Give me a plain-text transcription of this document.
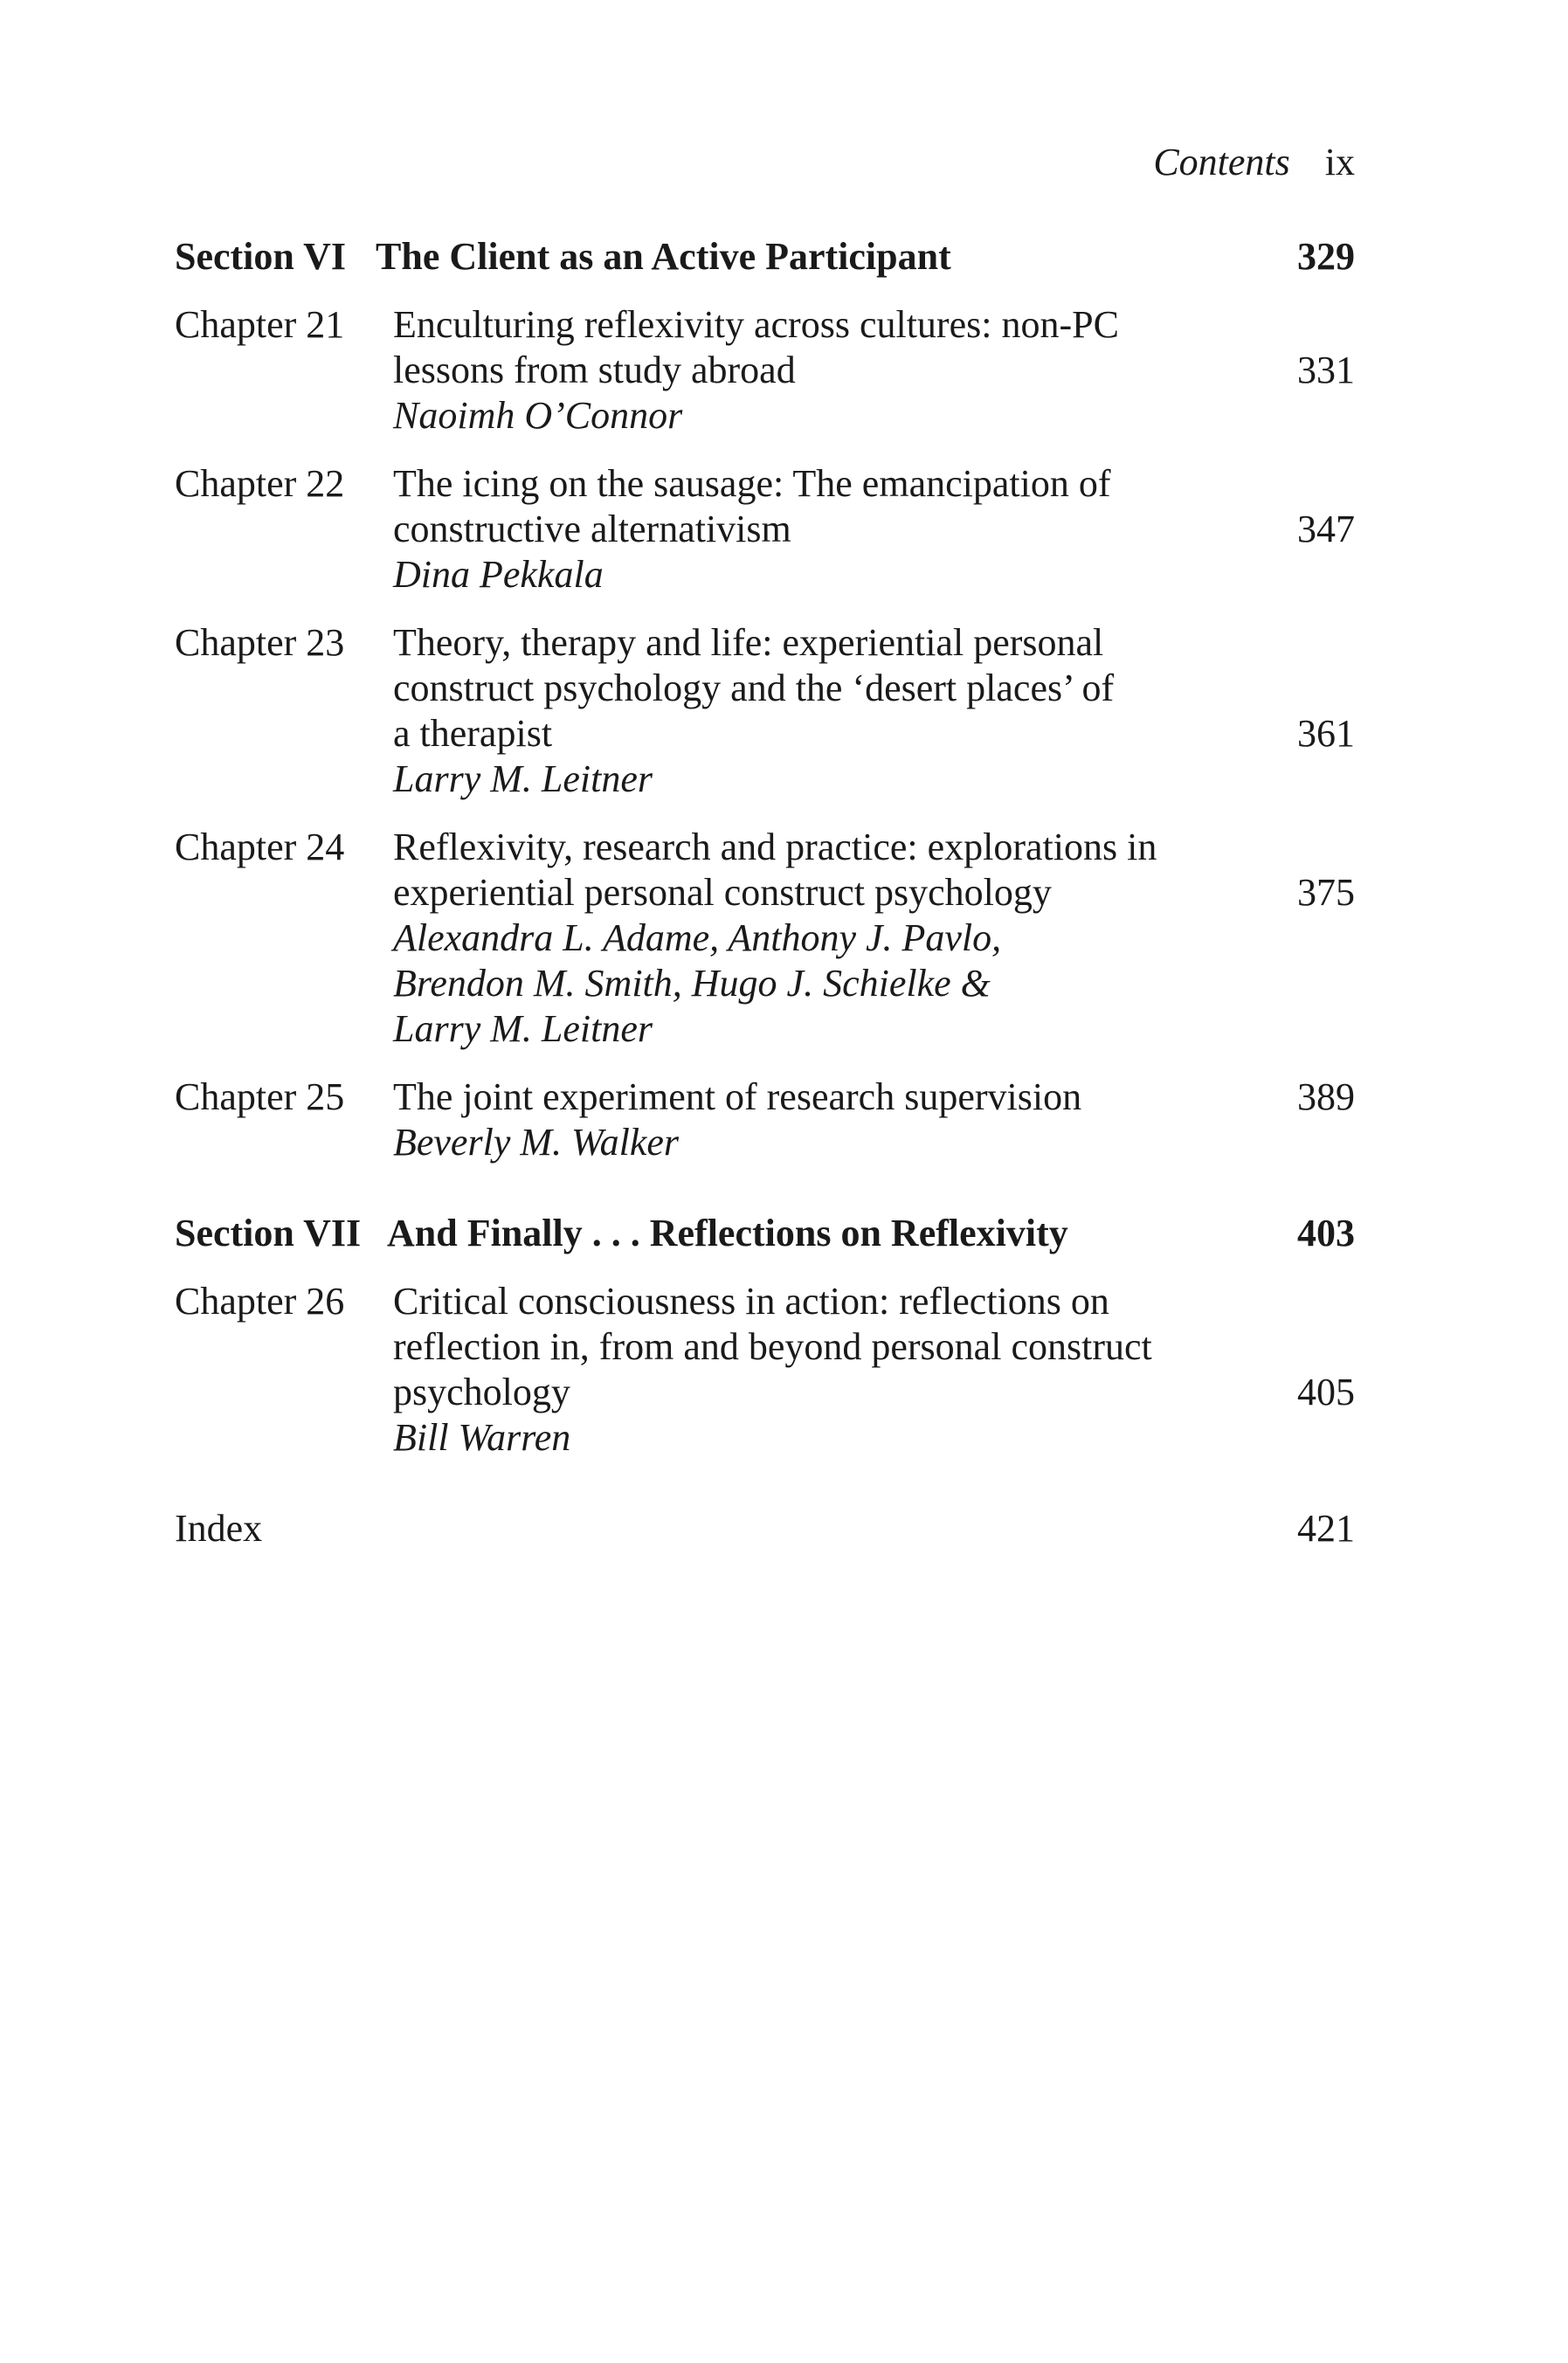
Contents ix
Section VI The Client as an Active Participant	329
Chapter 21 Enculturing reflexivity across cultures: non-PC
lessons from study abroad	331
Naoimh O’Connor
Chapter 22 The icing on the sausage: The emancipation of
constructive alternativism	347
Dina Pekkala
Chapter 23 Theory, therapy and life: experiential personal
construct psychology and the ‘desert places’ of
a therapist	361
Larry M. Leitner
Chapter 24 Reflexivity, research and practice: explorations in
experiential personal construct psychology	375
Alexandra L. Adame, Anthony J. Pavlo,
Brendon M. Smith, Hugo J. Schielke &
Larry M. Leitner
Chapter 25 The joint experiment of research supervision	389
Beverly M. Walker
Section VII And Finally . . . Reflections on Reflexivity	403
Chapter 26 Critical consciousness in action: reflections on
reflection in, from and beyond personal construct
psychology	405
Bill Warren
Index	421
